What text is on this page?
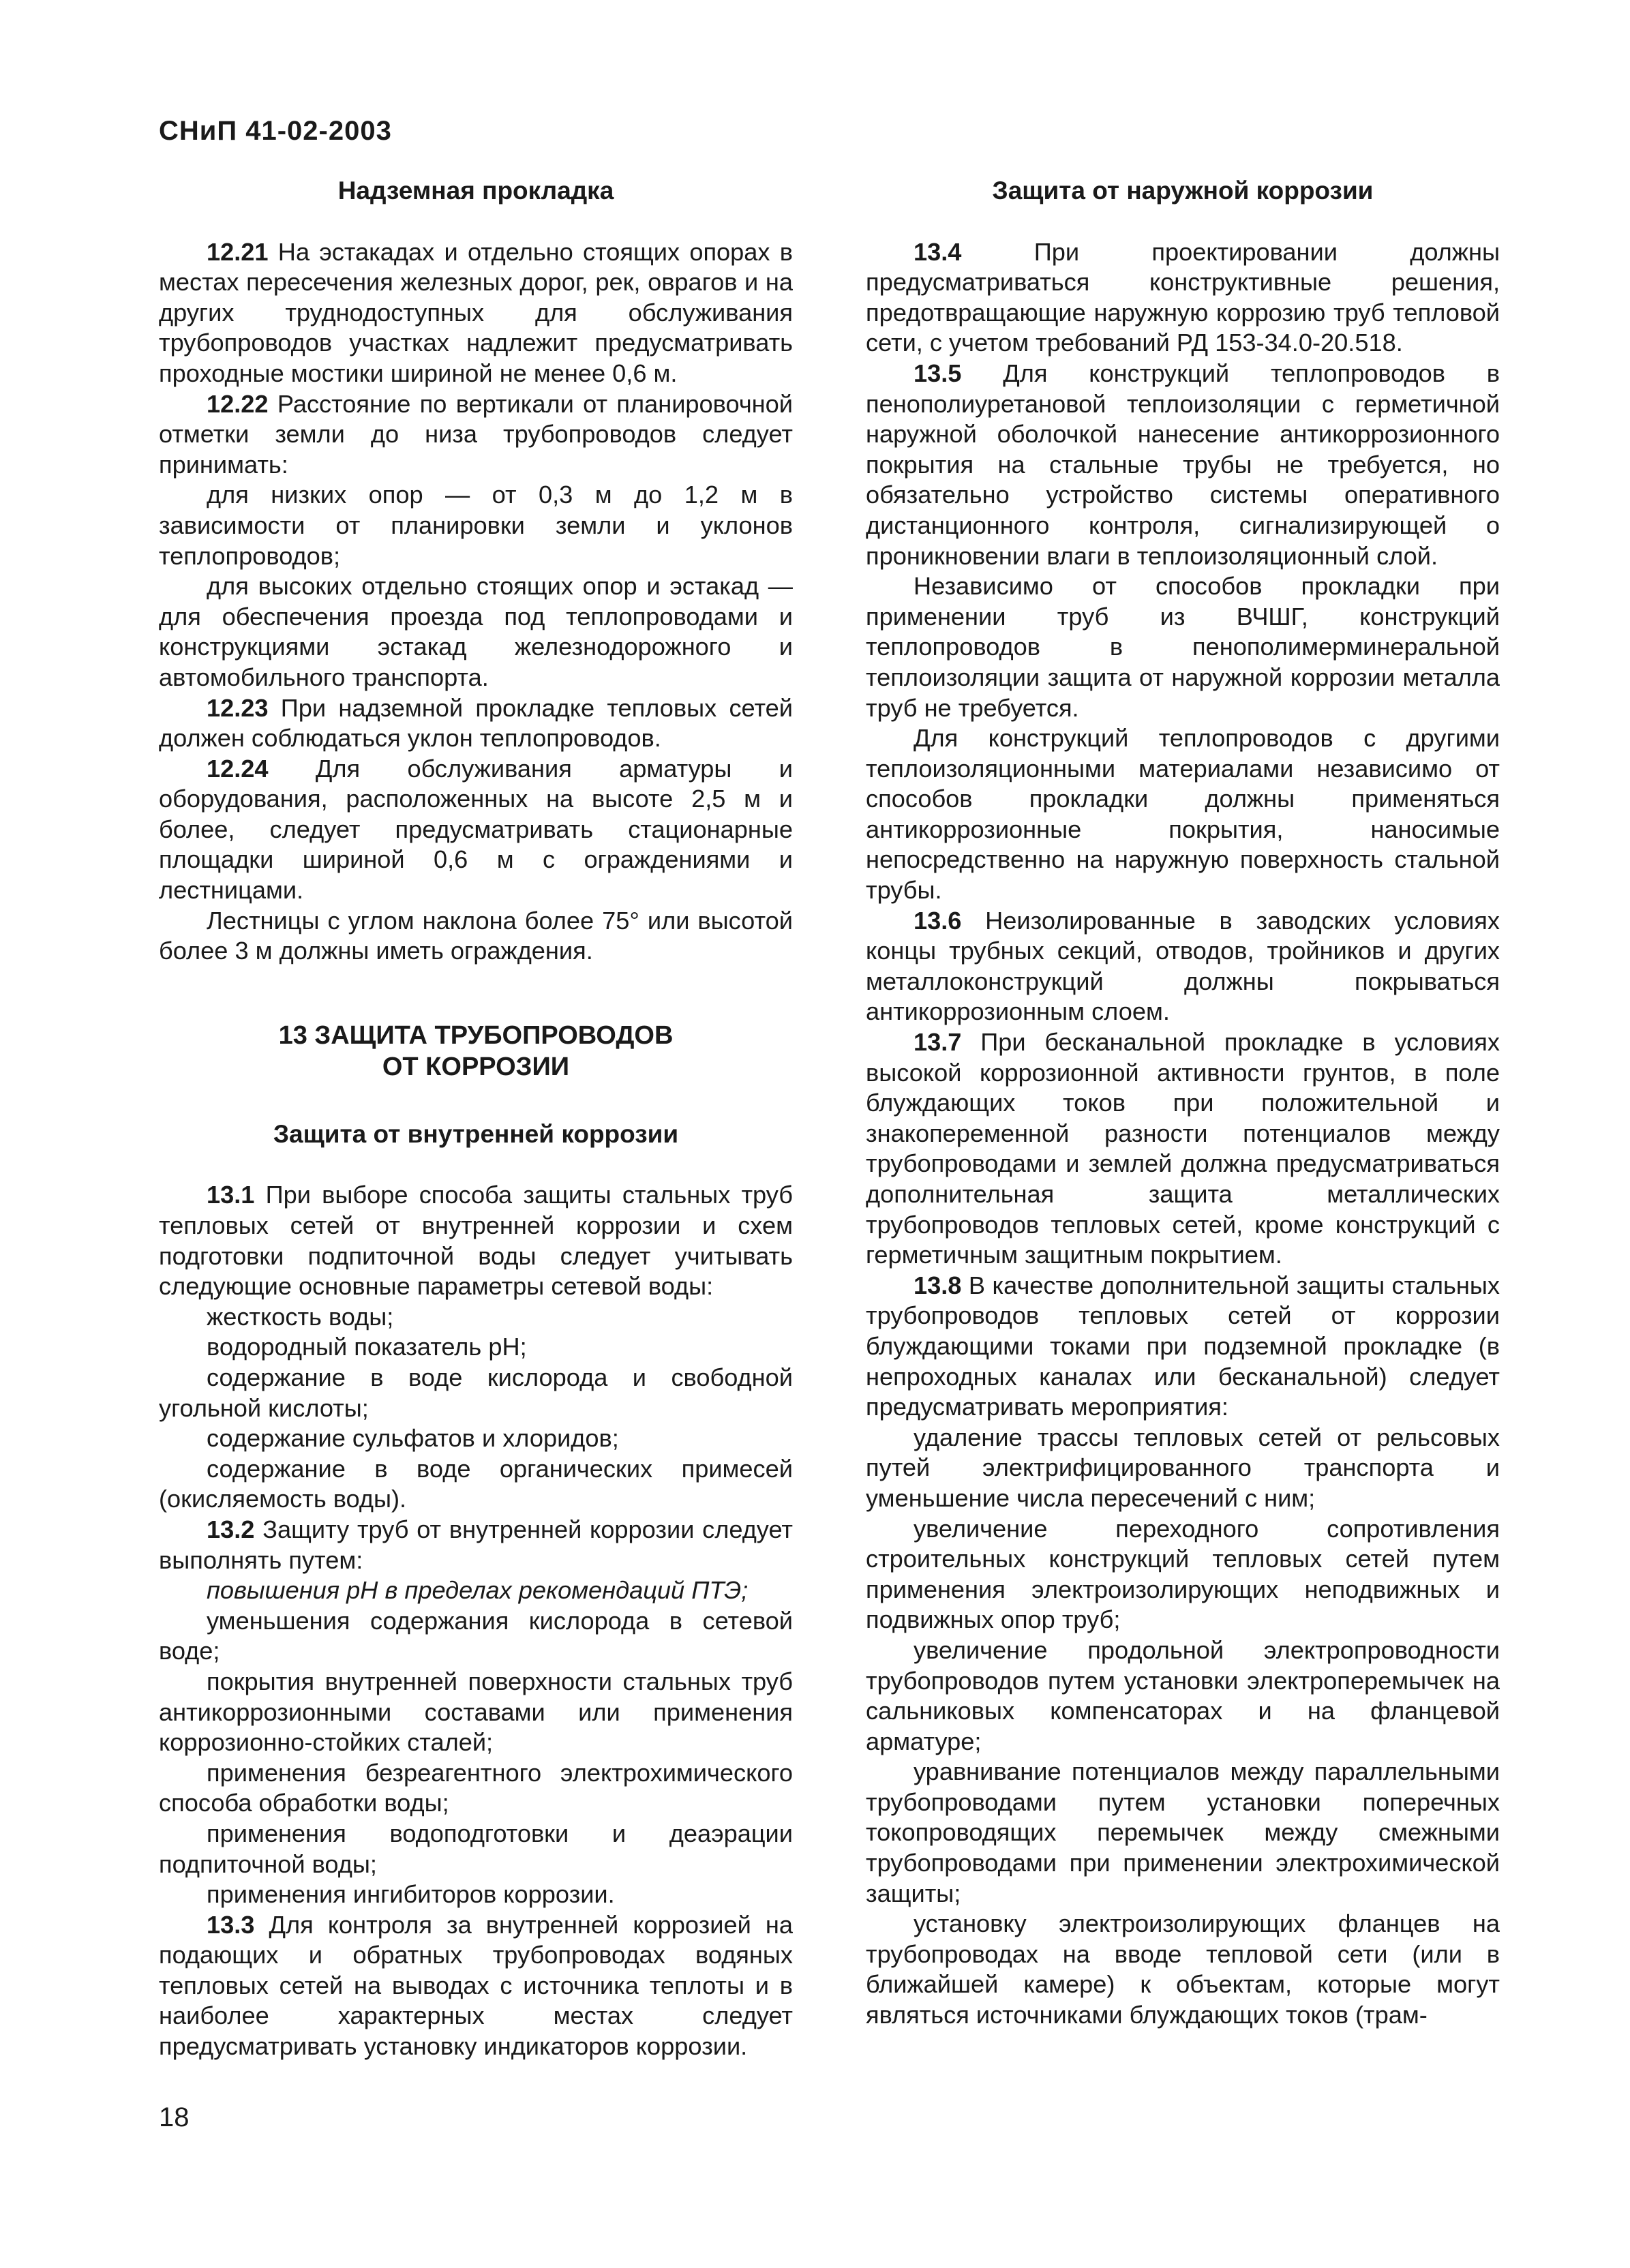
СНиП 41-02-2003
Надземная прокладка

12.21 На эстакадах и отдельно стоящих опорах в местах пересечения железных дорог, рек, оврагов и на других труднодоступных для обслуживания трубопроводов участках надлежит предусматривать проходные мостики шириной не менее 0,6 м.

12.22 Расстояние по вертикали от планировочной отметки земли до низа трубопроводов следует принимать:

для низких опор — от 0,3 м до 1,2 м в зависимости от планировки земли и уклонов теплопроводов;

для высоких отдельно стоящих опор и эстакад — для обеспечения проезда под теплопроводами и конструкциями эстакад железнодорожного и автомобильного транспорта.

12.23 При надземной прокладке тепловых сетей должен соблюдаться уклон теплопроводов.

12.24 Для обслуживания арматуры и оборудования, расположенных на высоте 2,5 м и более, следует предусматривать стационарные площадки шириной 0,6 м с ограждениями и лестницами.

Лестницы с углом наклона более 75° или высотой более 3 м должны иметь ограждения.

13 ЗАЩИТА ТРУБОПРОВОДОВ
ОТ КОРРОЗИИ
Защита от внутренней коррозии

13.1 При выборе способа защиты стальных труб тепловых сетей от внутренней коррозии и схем подготовки подпиточной воды следует учитывать следующие основные параметры сетевой воды:

жесткость воды;

водородный показатель pH;

содержание в воде кислорода и свободной угольной кислоты;

содержание сульфатов и хлоридов;

содержание в воде органических примесей (окисляемость воды).

13.2 Защиту труб от внутренней коррозии следует выполнять путем:

повышения pH в пределах рекомендаций ПТЭ;

уменьшения содержания кислорода в сетевой воде;

покрытия внутренней поверхности стальных труб антикоррозионными составами или применения коррозионно-стойких сталей;

применения безреагентного электрохимического способа обработки воды;

применения водоподготовки и деаэрации подпиточной воды;

применения ингибиторов коррозии.

13.3 Для контроля за внутренней коррозией на подающих и обратных трубопроводах водяных тепловых сетей на выводах с источника теплоты и в наиболее характерных местах следует предусматривать установку индикаторов коррозии.

Защита от наружной коррозии

13.4 При проектировании должны предусматриваться конструктивные решения, предотвращающие наружную коррозию труб тепловой сети, с учетом требований РД 153-34.0-20.518.

13.5 Для конструкций теплопроводов в пенополиуретановой теплоизоляции с герметичной наружной оболочкой нанесение антикоррозионного покрытия на стальные трубы не требуется, но обязательно устройство системы оперативного дистанционного контроля, сигнализирующей о проникновении влаги в теплоизоляционный слой.

Независимо от способов прокладки при применении труб из ВЧШГ, конструкций теплопроводов в пенополимерминеральной теплоизоляции защита от наружной коррозии металла труб не требуется.

Для конструкций теплопроводов с другими теплоизоляционными материалами независимо от способов прокладки должны применяться антикоррозионные покрытия, наносимые непосредственно на наружную поверхность стальной трубы.

13.6 Неизолированные в заводских условиях концы трубных секций, отводов, тройников и других металлоконструкций должны покрываться антикоррозионным слоем.

13.7 При бесканальной прокладке в условиях высокой коррозионной активности грунтов, в поле блуждающих токов при положительной и знакопеременной разности потенциалов между трубопроводами и землей должна предусматриваться дополнительная защита металлических трубопроводов тепловых сетей, кроме конструкций с герметичным защитным покрытием.

13.8 В качестве дополнительной защиты стальных трубопроводов тепловых сетей от коррозии блуждающими токами при подземной прокладке (в непроходных каналах или бесканальной) следует предусматривать мероприятия:

удаление трассы тепловых сетей от рельсовых путей электрифицированного транспорта и уменьшение числа пересечений с ним;

увеличение переходного сопротивления строительных конструкций тепловых сетей путем применения электроизолирующих неподвижных и подвижных опор труб;

увеличение продольной электропроводности трубопроводов путем установки электроперемычек на сальниковых компенсаторах и на фланцевой арматуре;

уравнивание потенциалов между параллельными трубопроводами путем установки поперечных токопроводящих перемычек между смежными трубопроводами при применении электрохимической защиты;

установку электроизолирующих фланцев на трубопроводах на вводе тепловой сети (или в ближайшей камере) к объектам, которые могут являться источниками блуждающих токов (трам-

18
